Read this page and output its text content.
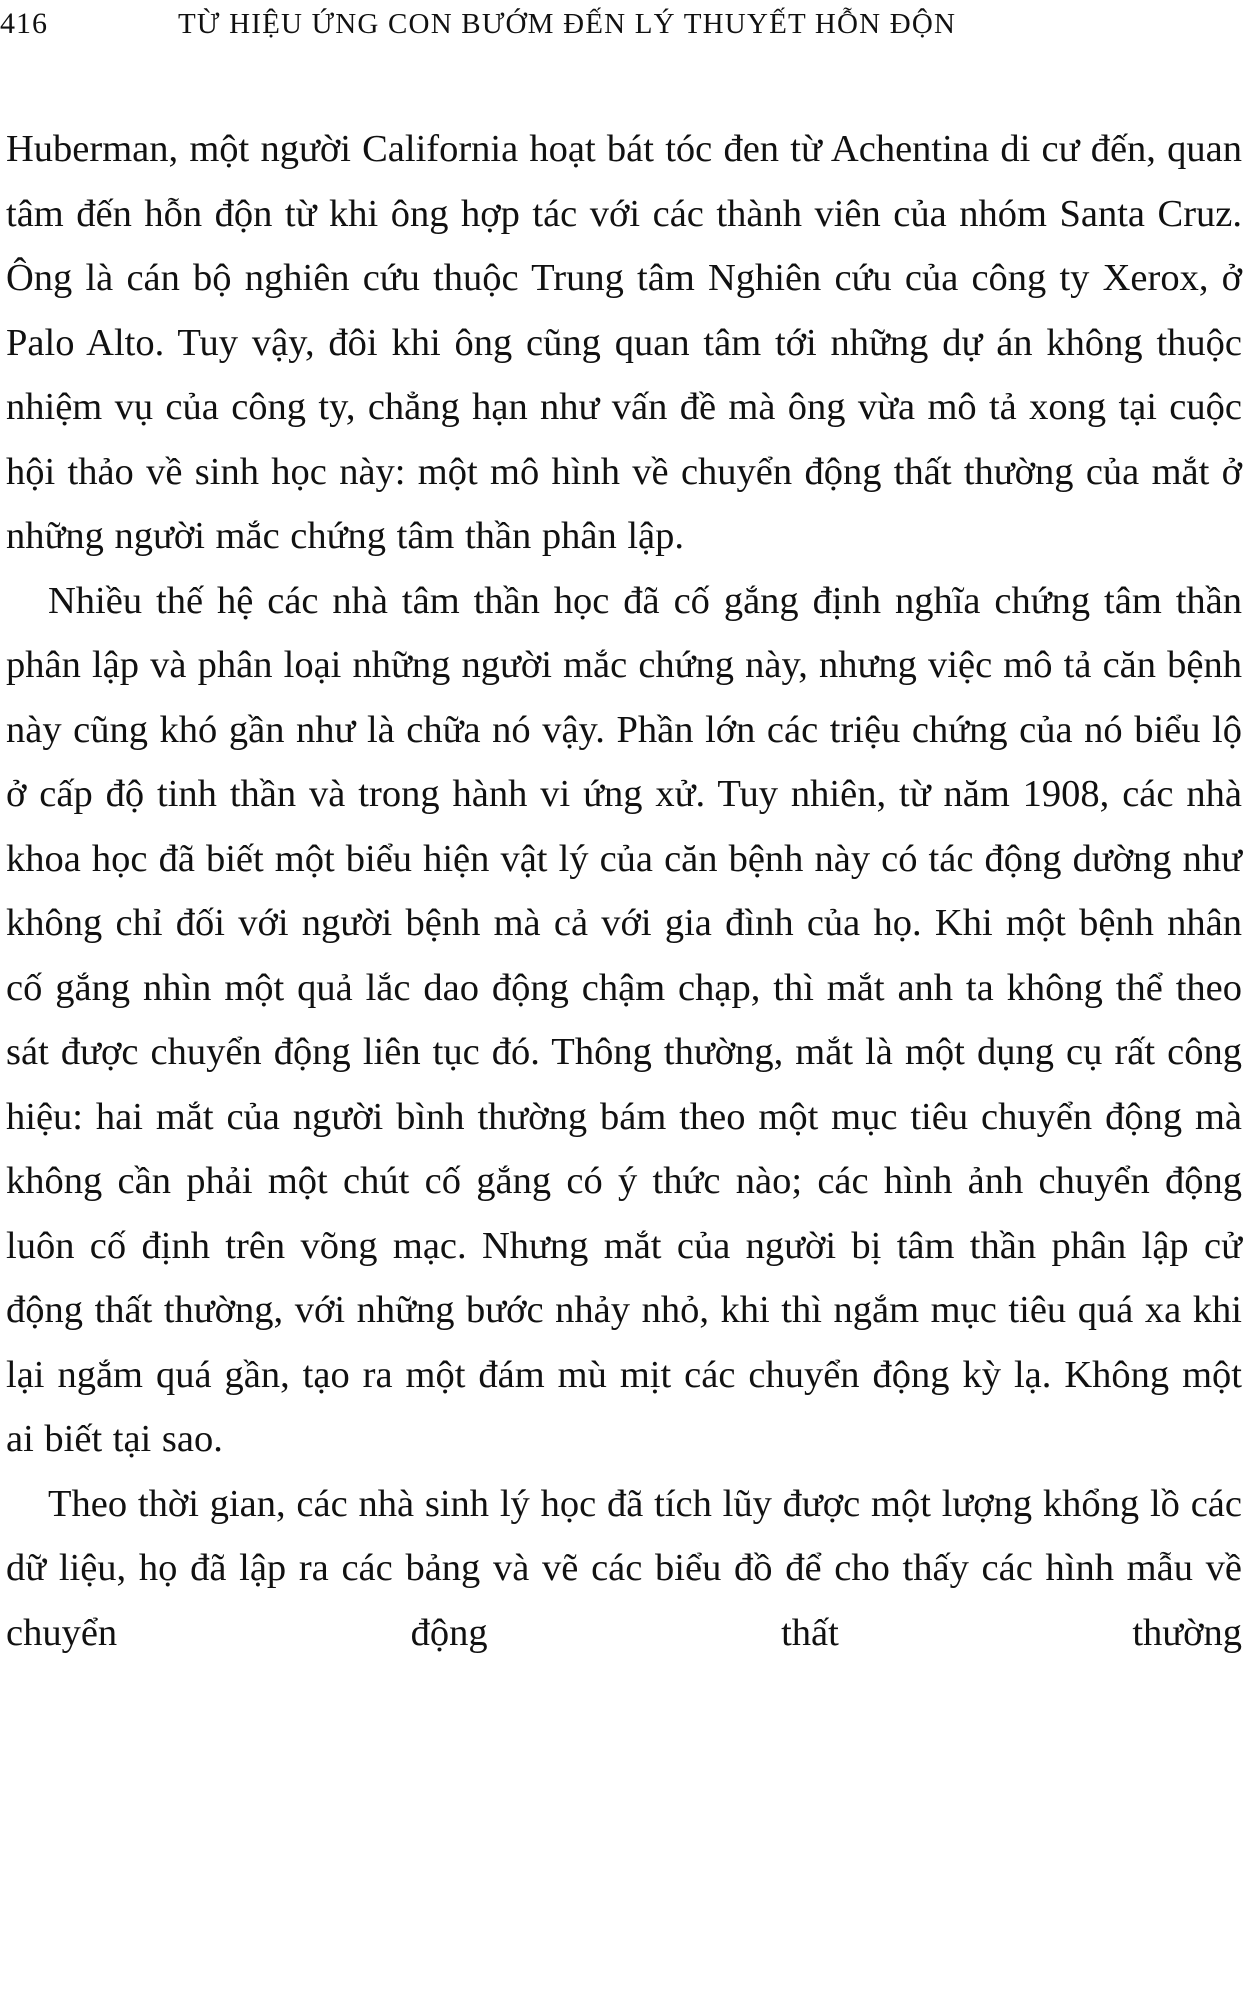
416	TỪ HIỆU ỨNG CON BƯỚM ĐẾN LÝ THUYẾT HỖN ĐỘN

Huberman, một người California hoạt bát tóc đen từ Achentina di cư đến, quan tâm đến hỗn độn từ khi ông hợp tác với các thành viên của nhóm Santa Cruz. Ông là cán bộ nghiên cứu thuộc Trung tâm Nghiên cứu của công ty Xerox, ở Palo Alto. Tuy vậy, đôi khi ông cũng quan tâm tới những dự án không thuộc nhiệm vụ của công ty, chẳng hạn như vấn đề mà ông vừa mô tả xong tại cuộc hội thảo về sinh học này: một mô hình về chuyển động thất thường của mắt ở những người mắc chứng tâm thần phân lập.

Nhiều thế hệ các nhà tâm thần học đã cố gắng định nghĩa chứng tâm thần phân lập và phân loại những người mắc chứng này, nhưng việc mô tả căn bệnh này cũng khó gần như là chữa nó vậy. Phần lớn các triệu chứng của nó biểu lộ ở cấp độ tinh thần và trong hành vi ứng xử. Tuy nhiên, từ năm 1908, các nhà khoa học đã biết một biểu hiện vật lý của căn bệnh này có tác động dường như không chỉ đối với người bệnh mà cả với gia đình của họ. Khi một bệnh nhân cố gắng nhìn một quả lắc dao động chậm chạp, thì mắt anh ta không thể theo sát được chuyển động liên tục đó. Thông thường, mắt là một dụng cụ rất công hiệu: hai mắt của người bình thường bám theo một mục tiêu chuyển động mà không cần phải một chút cố gắng có ý thức nào; các hình ảnh chuyển động luôn cố định trên võng mạc. Nhưng mắt của người bị tâm thần phân lập cử động thất thường, với những bước nhảy nhỏ, khi thì ngắm mục tiêu quá xa khi lại ngắm quá gần, tạo ra một đám mù mịt các chuyển động kỳ lạ. Không một ai biết tại sao.

Theo thời gian, các nhà sinh lý học đã tích lũy được một lượng khổng lồ các dữ liệu, họ đã lập ra các bảng và vẽ các biểu đồ để cho thấy các hình mẫu về chuyển động thất thường
